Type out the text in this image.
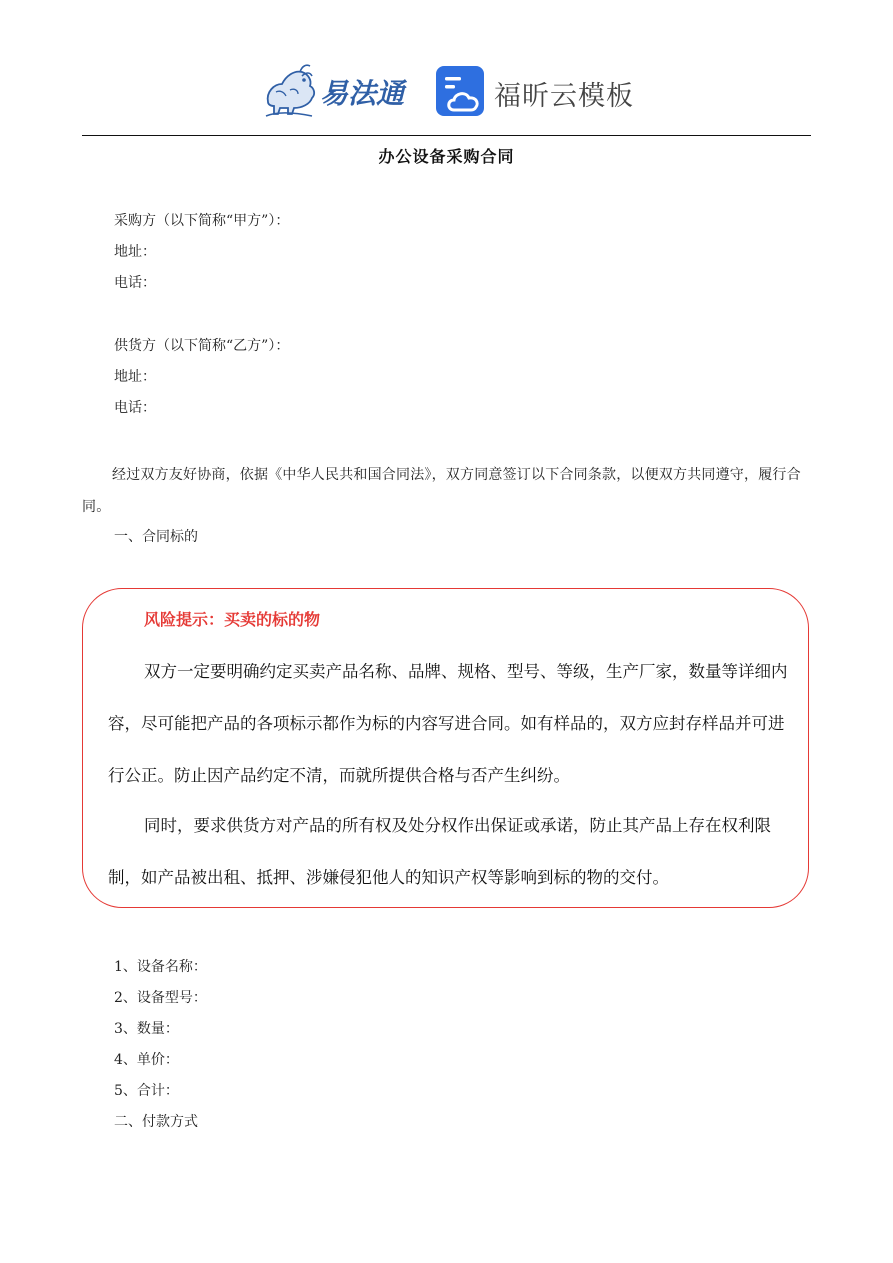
易法通	福昕云模板
办公设备采购合同
采购方（以下简称“甲方”）：
地址：
电话：
供货方（以下简称“乙方”）：
地址：
电话：
经过双方友好协商，依据《中华人民共和国合同法》，双方同意签订以下合同条款，以便双方共同遵守，履行合同。
一、合同标的
风险提示：买卖的标的物
双方一定要明确约定买卖产品名称、品牌、规格、型号、等级，生产厂家，数量等详细内容，尽可能把产品的各项标示都作为标的内容写进合同。如有样品的，双方应封存样品并可进行公正。防止因产品约定不清，而就所提供合格与否产生纠纷。
同时，要求供货方对产品的所有权及处分权作出保证或承诺，防止其产品上存在权利限制，如产品被出租、抵押、涉嫌侵犯他人的知识产权等影响到标的物的交付。
1、设备名称：
2、设备型号：
3、数量：
4、单价：
5、合计：
二、付款方式
